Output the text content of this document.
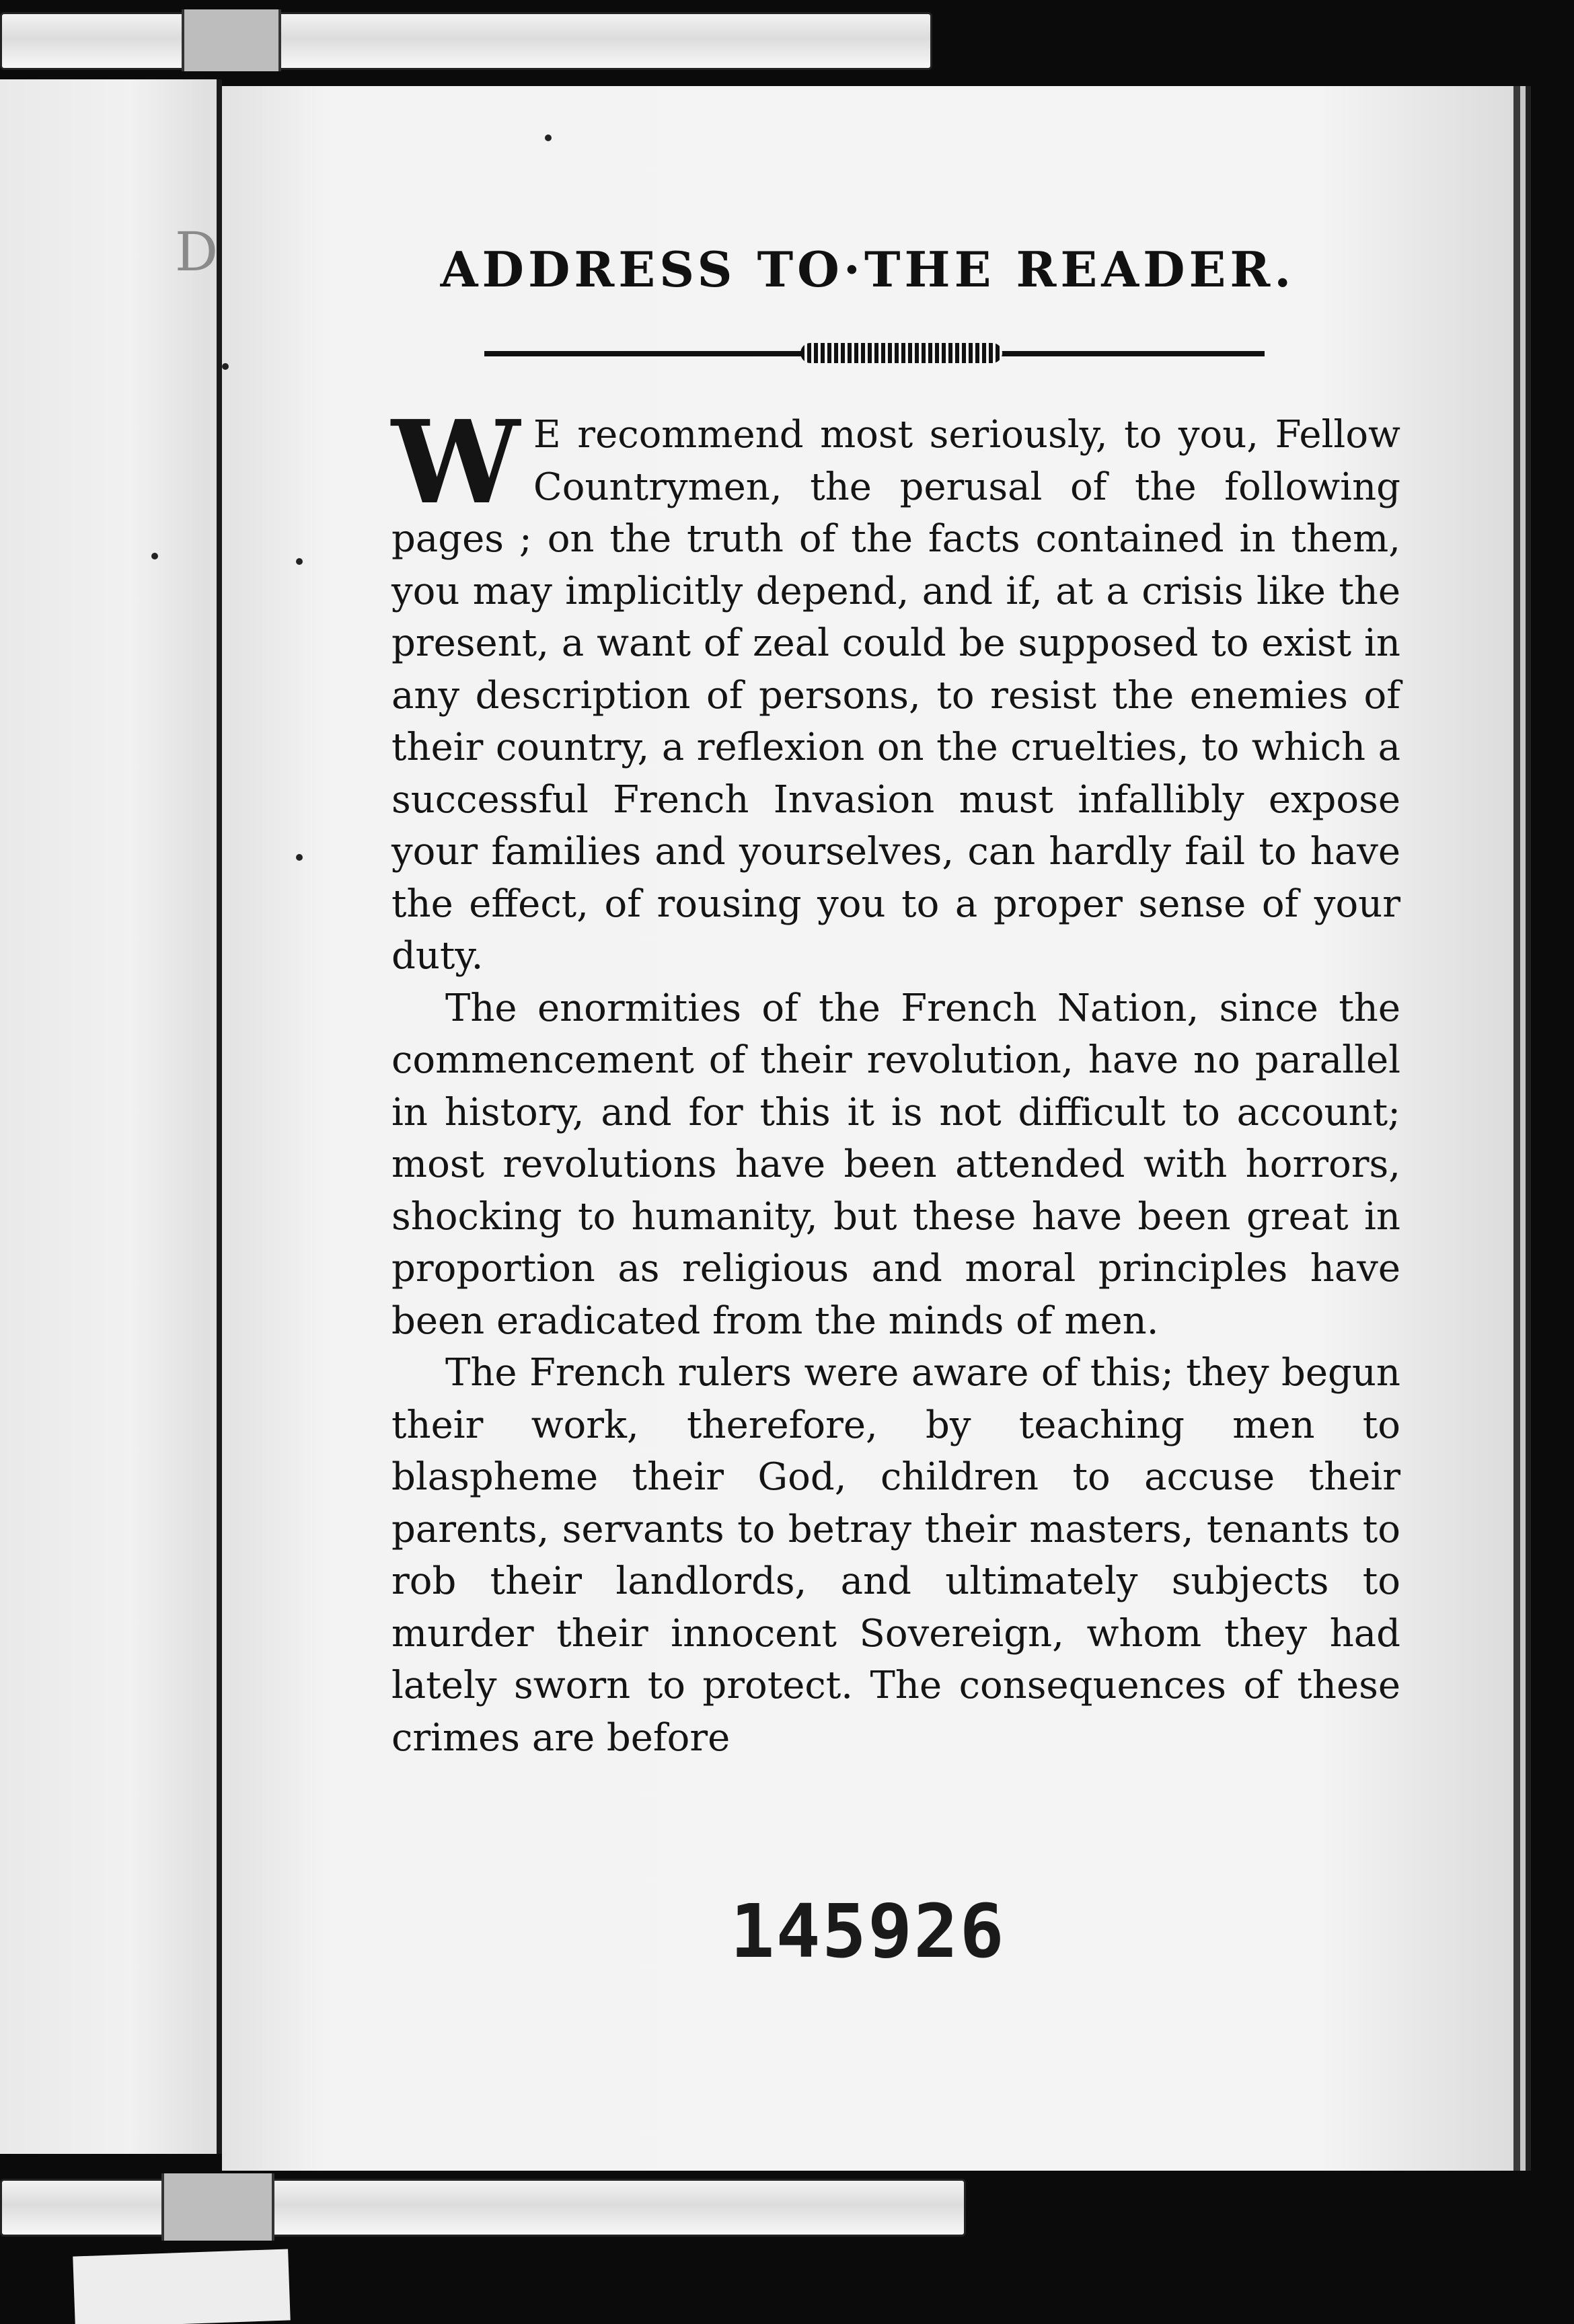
D	ADDRESS TO·THE READER.

W E recommend most seriously, to you, Fellow Countrymen, the perusal of the following pages ; on the truth of the facts contained in them, you may implicitly depend, and if, at a crisis like the present, a want of zeal could be supposed to exist in any description of persons, to resist the enemies of their country, a reflexion on the cruelties, to which a successful French Invasion must infallibly expose your families and yourselves, can hardly fail to have the effect, of rousing you to a proper sense of your duty.

The enormities of the French Nation, since the commencement of their revolution, have no parallel in history, and for this it is not difficult to account; most revolutions have been attended with horrors, shocking to humanity, but these have been great in proportion as religious and moral principles have been eradicated from the minds of men.

The French rulers were aware of this; they begun their work, therefore, by teaching men to blaspheme their God, children to accuse their parents, servants to betray their masters, tenants to rob their landlords, and ultimately subjects to murder their innocent Sovereign, whom they had lately sworn to protect. The consequences of these crimes are before

145926
